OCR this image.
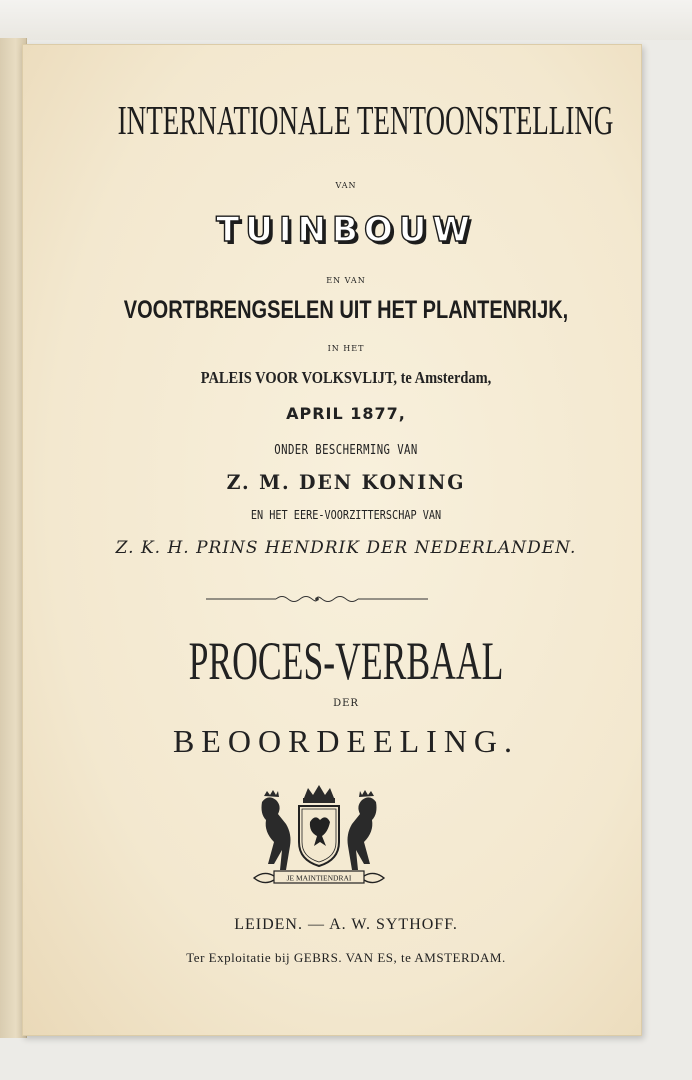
INTERNATIONALE TENTOONSTELLING
VAN
TUINBOUW
EN VAN
VOORTBRENGSELEN UIT HET PLANTENRIJK,
IN HET
PALEIS VOOR VOLKSVLIJT, te Amsterdam,
APRIL 1877,
ONDER BESCHERMING VAN
Z. M. DEN KONING
EN HET EERE-VOORZITTERSCHAP VAN
Z. K. H. PRINS HENDRIK DER NEDERLANDEN.
PROCES-VERBAAL
DER
BEOORDEELING.
JE MAINTIENDRAI
LEIDEN. — A. W. SYTHOFF.
Ter Exploitatie bij GEBRS. VAN ES, te AMSTERDAM.
